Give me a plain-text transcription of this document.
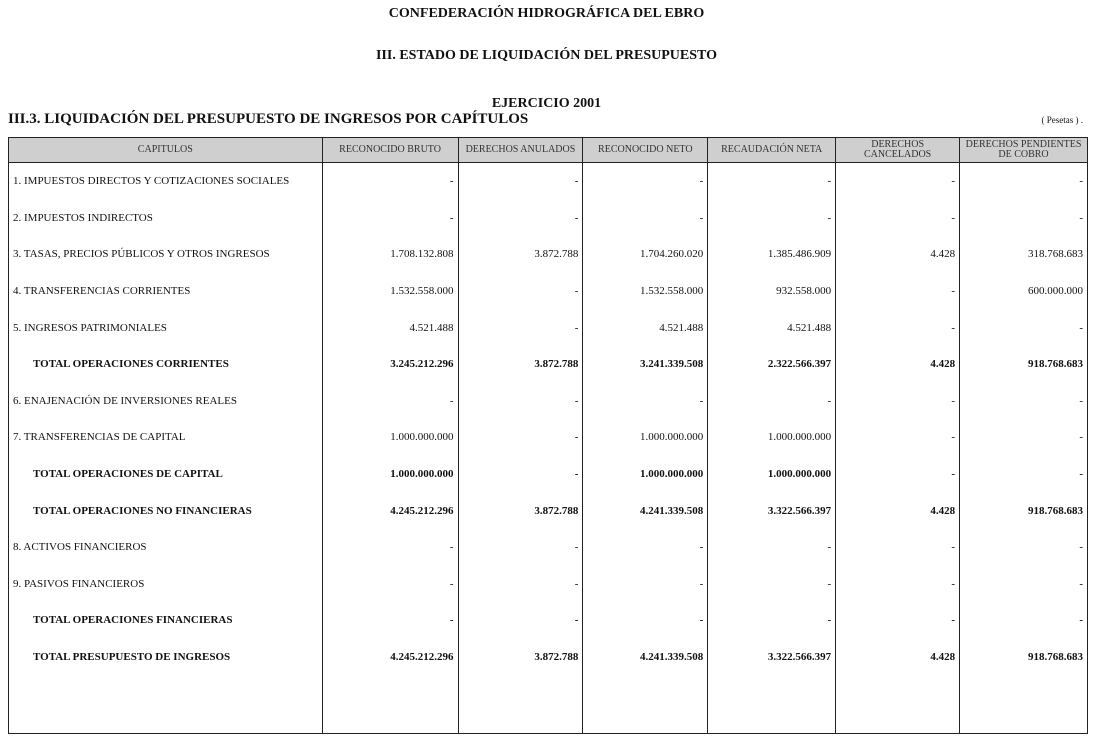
CONFEDERACIÓN HIDROGRÁFICA DEL EBRO
III. ESTADO DE LIQUIDACIÓN DEL PRESUPUESTO
EJERCICIO 2001
III.3. LIQUIDACIÓN DEL PRESUPUESTO DE INGRESOS POR CAPÍTULOS	( Pesetas ) .
CAPITULOS	RECONOCIDO BRUTO	DERECHOS ANULADOS	RECONOCIDO NETO	RECAUDACIÓN NETA	DERECHOS CANCELADOS	DERECHOS PENDIENTES DE COBRO
1. IMPUESTOS DIRECTOS Y COTIZACIONES SOCIALES	-	-	-	-	-	-
2. IMPUESTOS INDIRECTOS	-	-	-	-	-	-
3. TASAS, PRECIOS PÚBLICOS Y OTROS INGRESOS	1.708.132.808	3.872.788	1.704.260.020	1.385.486.909	4.428	318.768.683
4. TRANSFERENCIAS CORRIENTES	1.532.558.000	-	1.532.558.000	932.558.000	-	600.000.000
5. INGRESOS PATRIMONIALES	4.521.488	-	4.521.488	4.521.488	-	-
TOTAL OPERACIONES CORRIENTES	3.245.212.296	3.872.788	3.241.339.508	2.322.566.397	4.428	918.768.683
6. ENAJENACIÓN DE INVERSIONES REALES	-	-	-	-	-	-
7. TRANSFERENCIAS DE CAPITAL	1.000.000.000	-	1.000.000.000	1.000.000.000	-	-
TOTAL OPERACIONES DE CAPITAL	1.000.000.000	-	1.000.000.000	1.000.000.000	-	-
TOTAL OPERACIONES NO FINANCIERAS	4.245.212.296	3.872.788	4.241.339.508	3.322.566.397	4.428	918.768.683
8. ACTIVOS FINANCIEROS	-	-	-	-	-	-
9. PASIVOS FINANCIEROS	-	-	-	-	-	-
TOTAL OPERACIONES FINANCIERAS	-	-	-	-	-	-
TOTAL PRESUPUESTO DE INGRESOS	4.245.212.296	3.872.788	4.241.339.508	3.322.566.397	4.428	918.768.683
